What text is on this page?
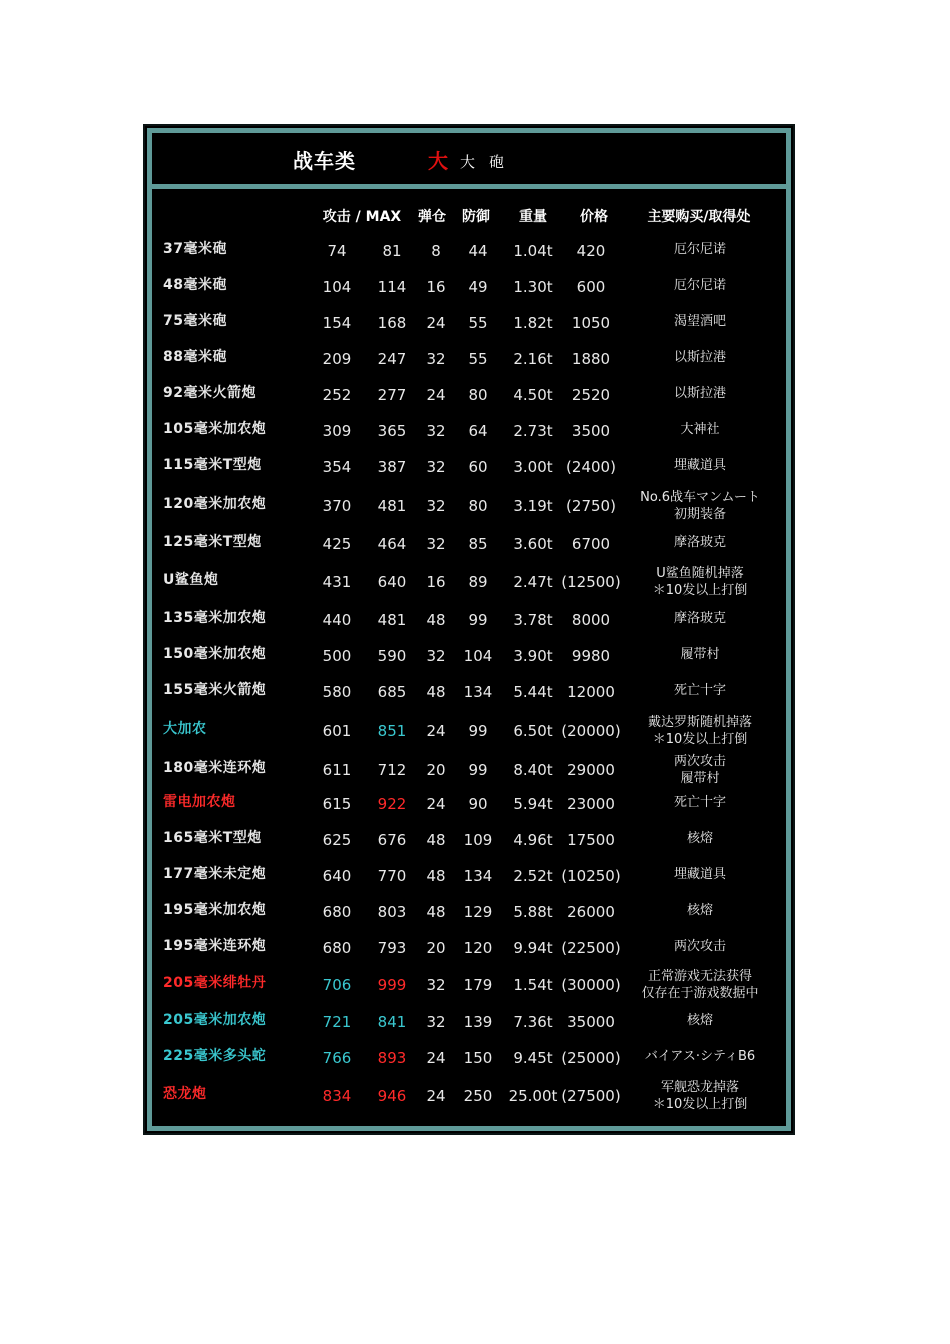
战车类	大 大砲
攻击 / MAX	弹仓 防御	重量	价格	主要购买/取得处
37毫米砲	74	81	8	44	1.04t	420	厄尔尼诺
48毫米砲	104	114	16	49	1.30t	600	厄尔尼诺
75毫米砲	154	168	24	55	1.82t	1050	渴望酒吧
88毫米砲	209	247	32	55	2.16t	1880	以斯拉港
92毫米火箭炮	252	277	24	80	4.50t	2520	以斯拉港
105毫米加农炮	309	365	32	64	2.73t	3500	大神社
115毫米T型炮	354	387	32	60	3.00t (2400)	埋藏道具
120毫米加农炮	370	481	32	80	3.19t (2750)	No.6战车マンムート
初期装备
125毫米T型炮	425	464	32	85	3.60t	6700	摩洛玻克
U鲨鱼炮	431	640	16	89	2.47t (12500)	U鲨鱼随机掉落
＊10发以上打倒
135毫米加农炮	440	481	48	99	3.78t	8000	摩洛玻克
150毫米加农炮	500	590	32	104	3.90t	9980	履带村
155毫米火箭炮	580	685	48	134	5.44t 12000	死亡十字
大加农	601	851	24	99	6.50t (20000)	戴达罗斯随机掉落
＊10发以上打倒
180毫米连环炮	611	712	20	99	8.40t 29000	两次攻击
履带村
雷电加农炮	615	922	24	90	5.94t 23000	死亡十字
165毫米T型炮	625	676	48	109	4.96t 17500	核熔
177毫米未定炮	640	770	48	134	2.52t (10250)	埋藏道具
195毫米加农炮	680	803	48	129	5.88t 26000	核熔
195毫米连环炮	680	793	20	120	9.94t (22500)	两次攻击
205毫米绯牡丹	706	999	32	179	1.54t (30000)	正常游戏无法获得
仅存在于游戏数据中
205毫米加农炮	721	841	32	139	7.36t 35000	核熔
225毫米多头蛇	766	893	24	150	9.45t (25000)	バイアス·シティB6
恐龙炮	834	946	24	250 25.00t (27500)	军舰恐龙掉落
＊10发以上打倒
